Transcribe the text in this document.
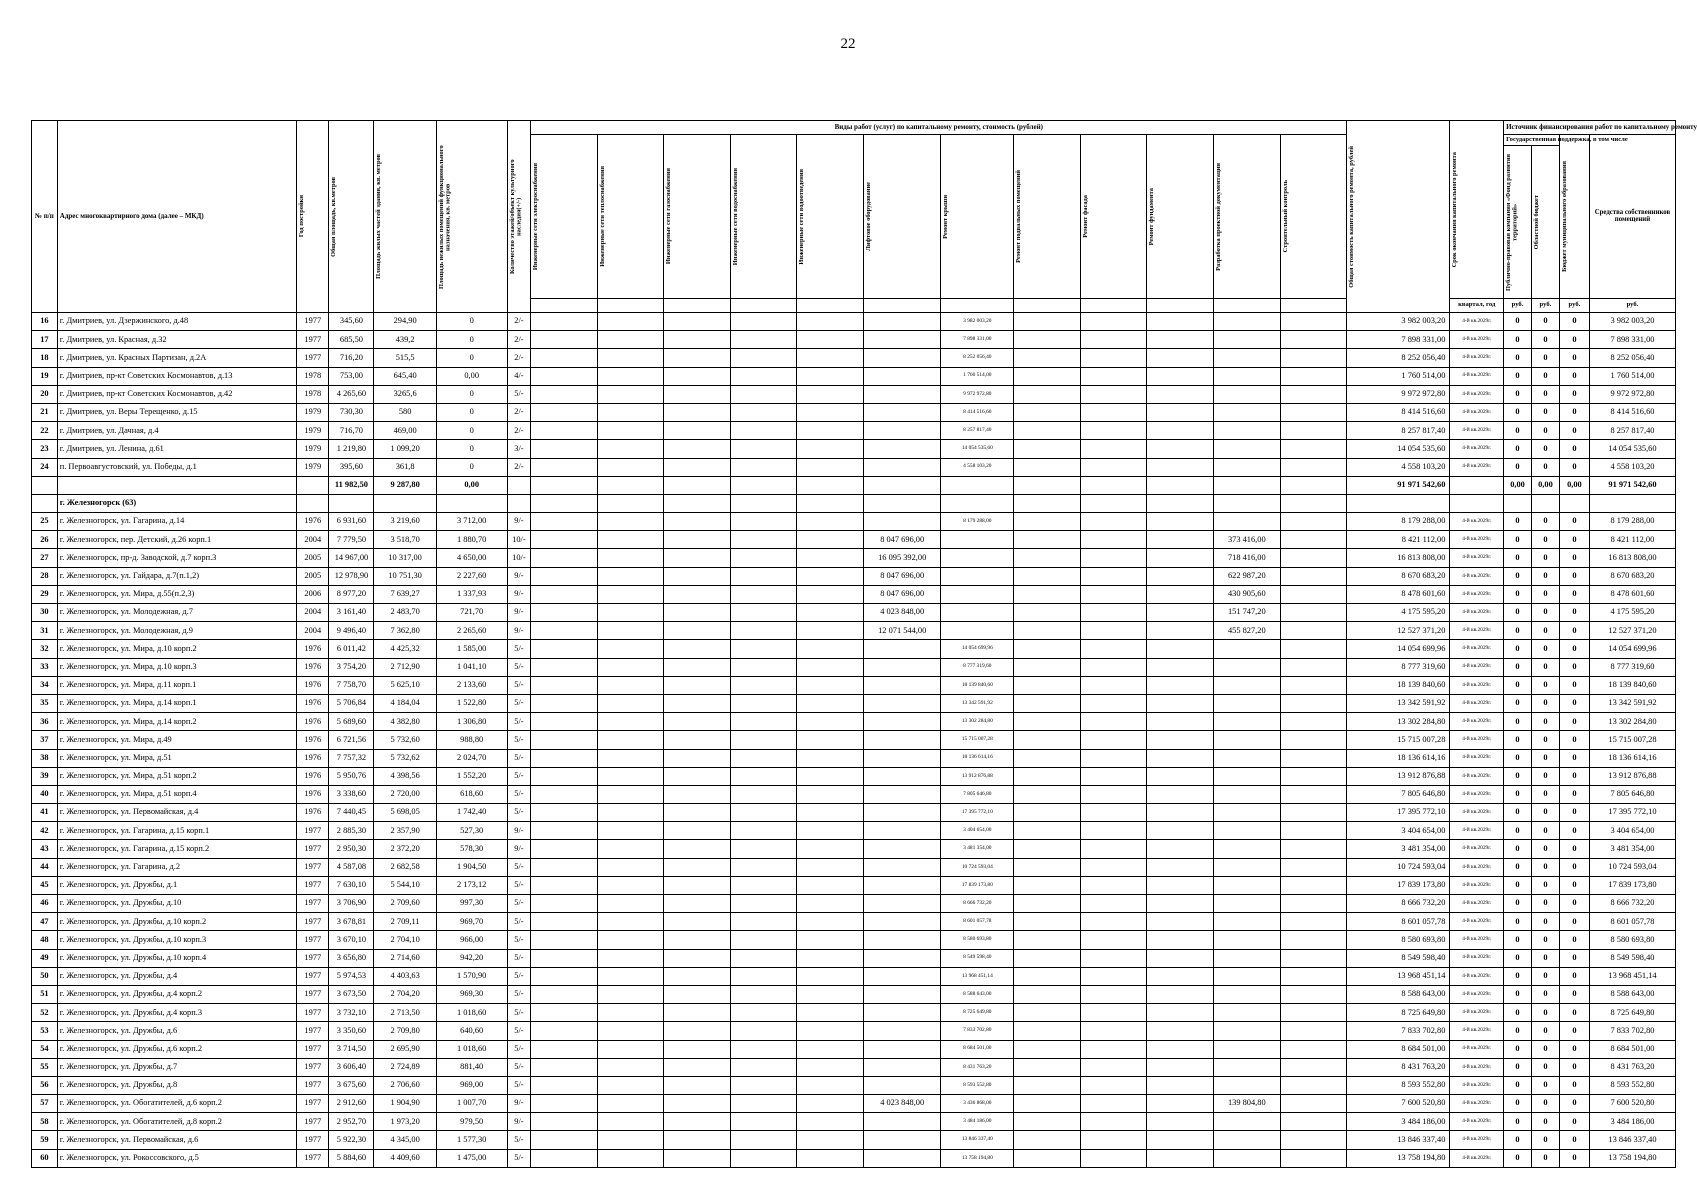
22
№ п/п	Адрес многоквартирного дома (далее – МКД)	Год постройки	Общая площадь, кв.метров	Площадь жилых частей здания, кв. метров	Площадь нежилых помещений функционального назначения, кв. метров	Количество этажей/объект культурного наследия(+/-)	Виды работ (услуг) по капитальному ремонту, стоимость (рублей)												Общая стоимость капитального ремонта, рублей	Срок окончания капитального ремонта	Источник финансирования работ по капитальному ремонту			

							Инженерные сети электроснабжения	Инженерные сети теплоснабжения	Инженерные сети газоснабжения	Инженерные сети водоснабжения	Инженерные сети водоотведения	Лифтовое оборудование	Ремонт крыши	Ремонт подвальных помещений	Ремонт фасада	Ремонт фундамента	Разработка проектной документации	Строительный контроль			Государственная поддержка, в том числе		Бюджет муниципального образования	Средства собственников помещений

																					Публично-правовая компания «Фонд развития территорий»	Областной бюджет		

																				квартал, год	руб.	руб.	руб.	руб.
16	г. Дмитриев, ул. Дзержинского, д.48	1977	345,60	294,90	0	2/-							3 982 003,20						3 982 003,20	4-й кв.2029г.	0	0	0	3 982 003,20
17	г. Дмитриев, ул. Красная, д.32	1977	685,50	439,2	0	2/-							7 898 331,00						7 898 331,00	4-й кв.2029г.	0	0	0	7 898 331,00
18	г. Дмитриев, ул. Красных Партизан, д.2А	1977	716,20	515,5	0	2/-							8 252 056,40						8 252 056,40	4-й кв.2029г.	0	0	0	8 252 056,40
19	г. Дмитриев, пр-кт Советских Космонавтов, д.13	1978	753,00	645,40	0,00	4/-							1 760 514,00						1 760 514,00	4-й кв.2029г.	0	0	0	1 760 514,00
20	г. Дмитриев, пр-кт Советских Космонавтов, д.42	1978	4 265,60	3265,6	0	5/-							9 972 972,80						9 972 972,80	4-й кв.2029г.	0	0	0	9 972 972,80
21	г. Дмитриев, ул. Веры Терещенко, д.15	1979	730,30	580	0	2/-							8 414 516,60						8 414 516,60	4-й кв.2029г.	0	0	0	8 414 516,60
22	г. Дмитриев, ул. Дачная, д.4	1979	716,70	469,00	0	2/-							8 257 817,40						8 257 817,40	4-й кв.2029г.	0	0	0	8 257 817,40
23	г. Дмитриев, ул. Ленина, д.61	1979	1 219,80	1 099,20	0	3/-							14 054 535,60						14 054 535,60	4-й кв.2029г.	0	0	0	14 054 535,60
24	п. Первоавгустовский, ул. Победы, д.1	1979	395,60	361,8	0	2/-							4 558 103,20						4 558 103,20	4-й кв.2029г.	0	0	0	4 558 103,20
			11 982,50	9 287,80	0,00														91 971 542,60		0,00	0,00	0,00	91 971 542,60
	г. Железногорск (63)																							
25	г. Железногорск, ул. Гагарина, д.14	1976	6 931,60	3 219,60	3 712,00	9/-							8 179 288,00						8 179 288,00	4-й кв.2029г.	0	0	0	8 179 288,00
26	г. Железногорск, пер. Детский, д.26 корп.1	2004	7 779,50	3 518,70	1 880,70	10/-						8 047 696,00					373 416,00		8 421 112,00	4-й кв.2029г.	0	0	0	8 421 112,00
27	г. Железногорск, пр-д. Заводской, д.7 корп.3	2005	14 967,00	10 317,00	4 650,00	10/-						16 095 392,00					718 416,00		16 813 808,00	4-й кв.2029г.	0	0	0	16 813 808,00
28	г. Железногорск, ул. Гайдара, д.7(п.1,2)	2005	12 978,90	10 751,30	2 227,60	9/-						8 047 696,00					622 987,20		8 670 683,20	4-й кв.2029г.	0	0	0	8 670 683,20
29	г. Железногорск, ул. Мира, д.55(п.2,3)	2006	8 977,20	7 639,27	1 337,93	9/-						8 047 696,00					430 905,60		8 478 601,60	4-й кв.2029г.	0	0	0	8 478 601,60
30	г. Железногорск, ул. Молодежная, д.7	2004	3 161,40	2 483,70	721,70	9/-						4 023 848,00					151 747,20		4 175 595,20	4-й кв.2029г.	0	0	0	4 175 595,20
31	г. Железногорск, ул. Молодежная, д.9	2004	9 496,40	7 362,80	2 265,60	9/-						12 071 544,00					455 827,20		12 527 371,20	4-й кв.2029г.	0	0	0	12 527 371,20
32	г. Железногорск, ул. Мира, д.10 корп.2	1976	6 011,42	4 425,32	1 585,00	5/-							14 054 699,96						14 054 699,96	4-й кв.2029г.	0	0	0	14 054 699,96
33	г. Железногорск, ул. Мира, д.10 корп.3	1976	3 754,20	2 712,90	1 041,10	5/-							8 777 319,60						8 777 319,60	4-й кв.2029г.	0	0	0	8 777 319,60
34	г. Железногорск, ул. Мира, д.11 корп.1	1976	7 758,70	5 625,10	2 133,60	5/-							18 139 840,60						18 139 840,60	4-й кв.2029г.	0	0	0	18 139 840,60
35	г. Железногорск, ул. Мира, д.14 корп.1	1976	5 706,84	4 184,04	1 522,80	5/-							13 342 591,92						13 342 591,92	4-й кв.2029г.	0	0	0	13 342 591,92
36	г. Железногорск, ул. Мира, д.14 корп.2	1976	5 689,60	4 382,80	1 306,80	5/-							13 302 284,80						13 302 284,80	4-й кв.2029г.	0	0	0	13 302 284,80
37	г. Железногорск, ул. Мира, д.49	1976	6 721,56	5 732,60	988,80	5/-							15 715 007,28						15 715 007,28	4-й кв.2029г.	0	0	0	15 715 007,28
38	г. Железногорск, ул. Мира, д.51	1976	7 757,32	5 732,62	2 024,70	5/-							18 136 614,16						18 136 614,16	4-й кв.2029г.	0	0	0	18 136 614,16
39	г. Железногорск, ул. Мира, д.51 корп.2	1976	5 950,76	4 398,56	1 552,20	5/-							13 912 876,88						13 912 876,88	4-й кв.2029г.	0	0	0	13 912 876,88
40	г. Железногорск, ул. Мира, д.51 корп.4	1976	3 338,60	2 720,00	618,60	5/-							7 805 646,80						7 805 646,80	4-й кв.2029г.	0	0	0	7 805 646,80
41	г. Железногорск, ул. Первомайская, д.4	1976	7 440,45	5 698,05	1 742,40	5/-							17 395 772,10						17 395 772,10	4-й кв.2029г.	0	0	0	17 395 772,10
42	г. Железногорск, ул. Гагарина, д.15 корп.1	1977	2 885,30	2 357,90	527,30	9/-							3 404 654,00						3 404 654,00	4-й кв.2029г.	0	0	0	3 404 654,00
43	г. Железногорск, ул. Гагарина, д.15 корп.2	1977	2 950,30	2 372,20	578,30	9/-							3 481 354,00						3 481 354,00	4-й кв.2029г.	0	0	0	3 481 354,00
44	г. Железногорск, ул. Гагарина, д.2	1977	4 587,08	2 682,58	1 904,50	5/-							10 724 593,04						10 724 593,04	4-й кв.2029г.	0	0	0	10 724 593,04
45	г. Железногорск, ул. Дружбы, д.1	1977	7 630,10	5 544,10	2 173,12	5/-							17 839 173,80						17 839 173,80	4-й кв.2029г.	0	0	0	17 839 173,80
46	г. Железногорск, ул. Дружбы, д.10	1977	3 706,90	2 709,60	997,30	5/-							8 666 732,20						8 666 732,20	4-й кв.2029г.	0	0	0	8 666 732,20
47	г. Железногорск, ул. Дружбы, д.10 корп.2	1977	3 678,81	2 709,11	969,70	5/-							8 601 057,78						8 601 057,78	4-й кв.2029г.	0	0	0	8 601 057,78
48	г. Железногорск, ул. Дружбы, д.10 корп.3	1977	3 670,10	2 704,10	966,00	5/-							8 580 693,80						8 580 693,80	4-й кв.2029г.	0	0	0	8 580 693,80
49	г. Железногорск, ул. Дружбы, д.10 корп.4	1977	3 656,80	2 714,60	942,20	5/-							8 549 598,40						8 549 598,40	4-й кв.2029г.	0	0	0	8 549 598,40
50	г. Железногорск, ул. Дружбы, д.4	1977	5 974,53	4 403,63	1 570,90	5/-							13 968 451,14						13 968 451,14	4-й кв.2029г.	0	0	0	13 968 451,14
51	г. Железногорск, ул. Дружбы, д.4 корп.2	1977	3 673,50	2 704,20	969,30	5/-							8 588 643,00						8 588 643,00	4-й кв.2029г.	0	0	0	8 588 643,00
52	г. Железногорск, ул. Дружбы, д.4 корп.3	1977	3 732,10	2 713,50	1 018,60	5/-							8 725 649,80						8 725 649,80	4-й кв.2029г.	0	0	0	8 725 649,80
53	г. Железногорск, ул. Дружбы, д.6	1977	3 350,60	2 709,80	640,60	5/-							7 833 702,80						7 833 702,80	4-й кв.2029г.	0	0	0	7 833 702,80
54	г. Железногорск, ул. Дружбы, д.6 корп.2	1977	3 714,50	2 695,90	1 018,60	5/-							8 684 501,00						8 684 501,00	4-й кв.2029г.	0	0	0	8 684 501,00
55	г. Железногорск, ул. Дружбы, д.7	1977	3 606,40	2 724,89	881,40	5/-							8 431 763,20						8 431 763,20	4-й кв.2029г.	0	0	0	8 431 763,20
56	г. Железногорск, ул. Дружбы, д.8	1977	3 675,60	2 706,60	969,00	5/-							8 593 552,80						8 593 552,80	4-й кв.2029г.	0	0	0	8 593 552,80
57	г. Железногорск, ул. Обогатителей, д.6 корп.2	1977	2 912,60	1 904,90	1 007,70	9/-						4 023 848,00	3 436 868,00				139 804,80		7 600 520,80	4-й кв.2029г.	0	0	0	7 600 520,80
58	г. Железногорск, ул. Обогатителей, д.8 корп.2	1977	2 952,70	1 973,20	979,50	9/-							3 484 186,00						3 484 186,00	4-й кв.2029г.	0	0	0	3 484 186,00
59	г. Железногорск, ул. Первомайская, д.6	1977	5 922,30	4 345,00	1 577,30	5/-							13 846 337,40						13 846 337,40	4-й кв.2029г.	0	0	0	13 846 337,40
60	г. Железногорск, ул. Рокоссовского, д.5	1977	5 884,60	4 409,60	1 475,00	5/-							13 758 194,80						13 758 194,80	4-й кв.2029г.	0	0	0	13 758 194,80
